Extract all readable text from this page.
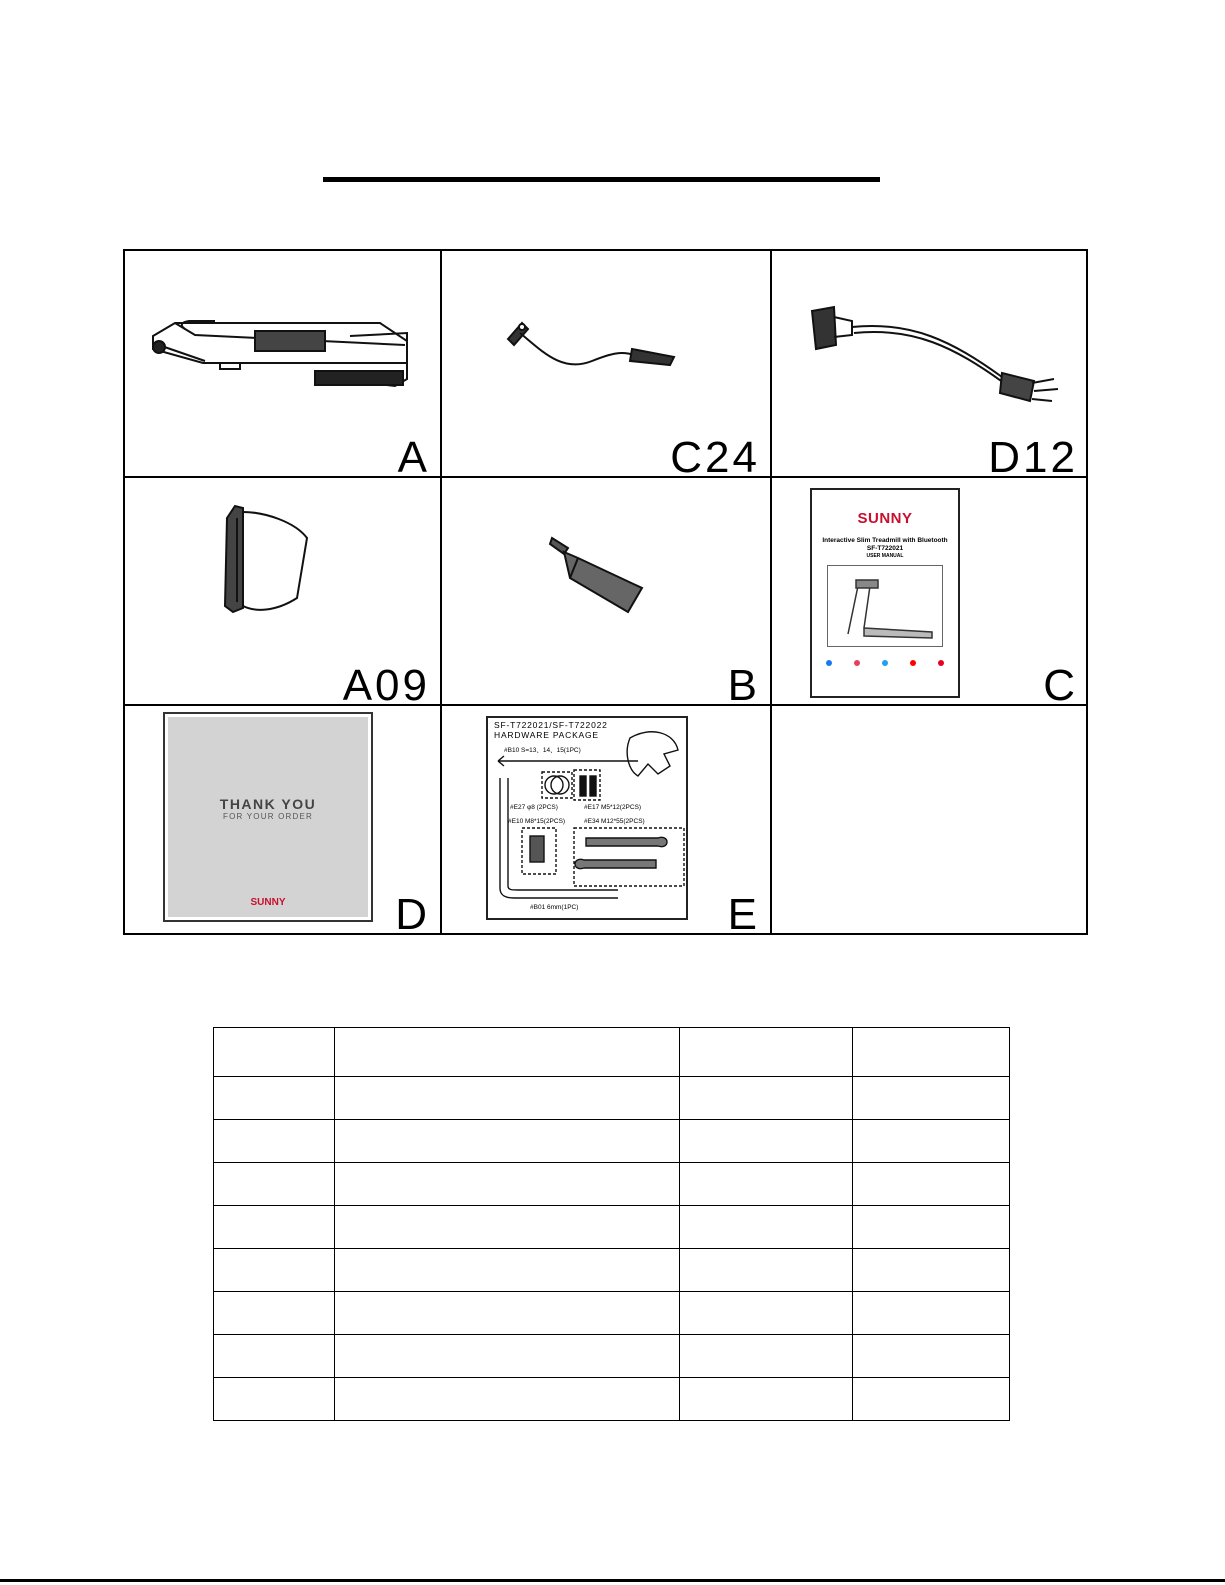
A	C24	D12
A09	B
SUNNY
Interactive Slim Treadmill with Bluetooth
SF-T722021
USER MANUAL
C
THANK YOU
FOR YOUR ORDER
SUNNY	D
SF-T722021/SF-T722022
HARDWARE PACKAGE
#B10 S=13、14、15(1PC)
#E27 φ8 (2PCS)	#E17 M5*12(2PCS)
#E10 M8*15(2PCS)	#E34 M12*55(2PCS)
#B01 6mm(1PC)	E
